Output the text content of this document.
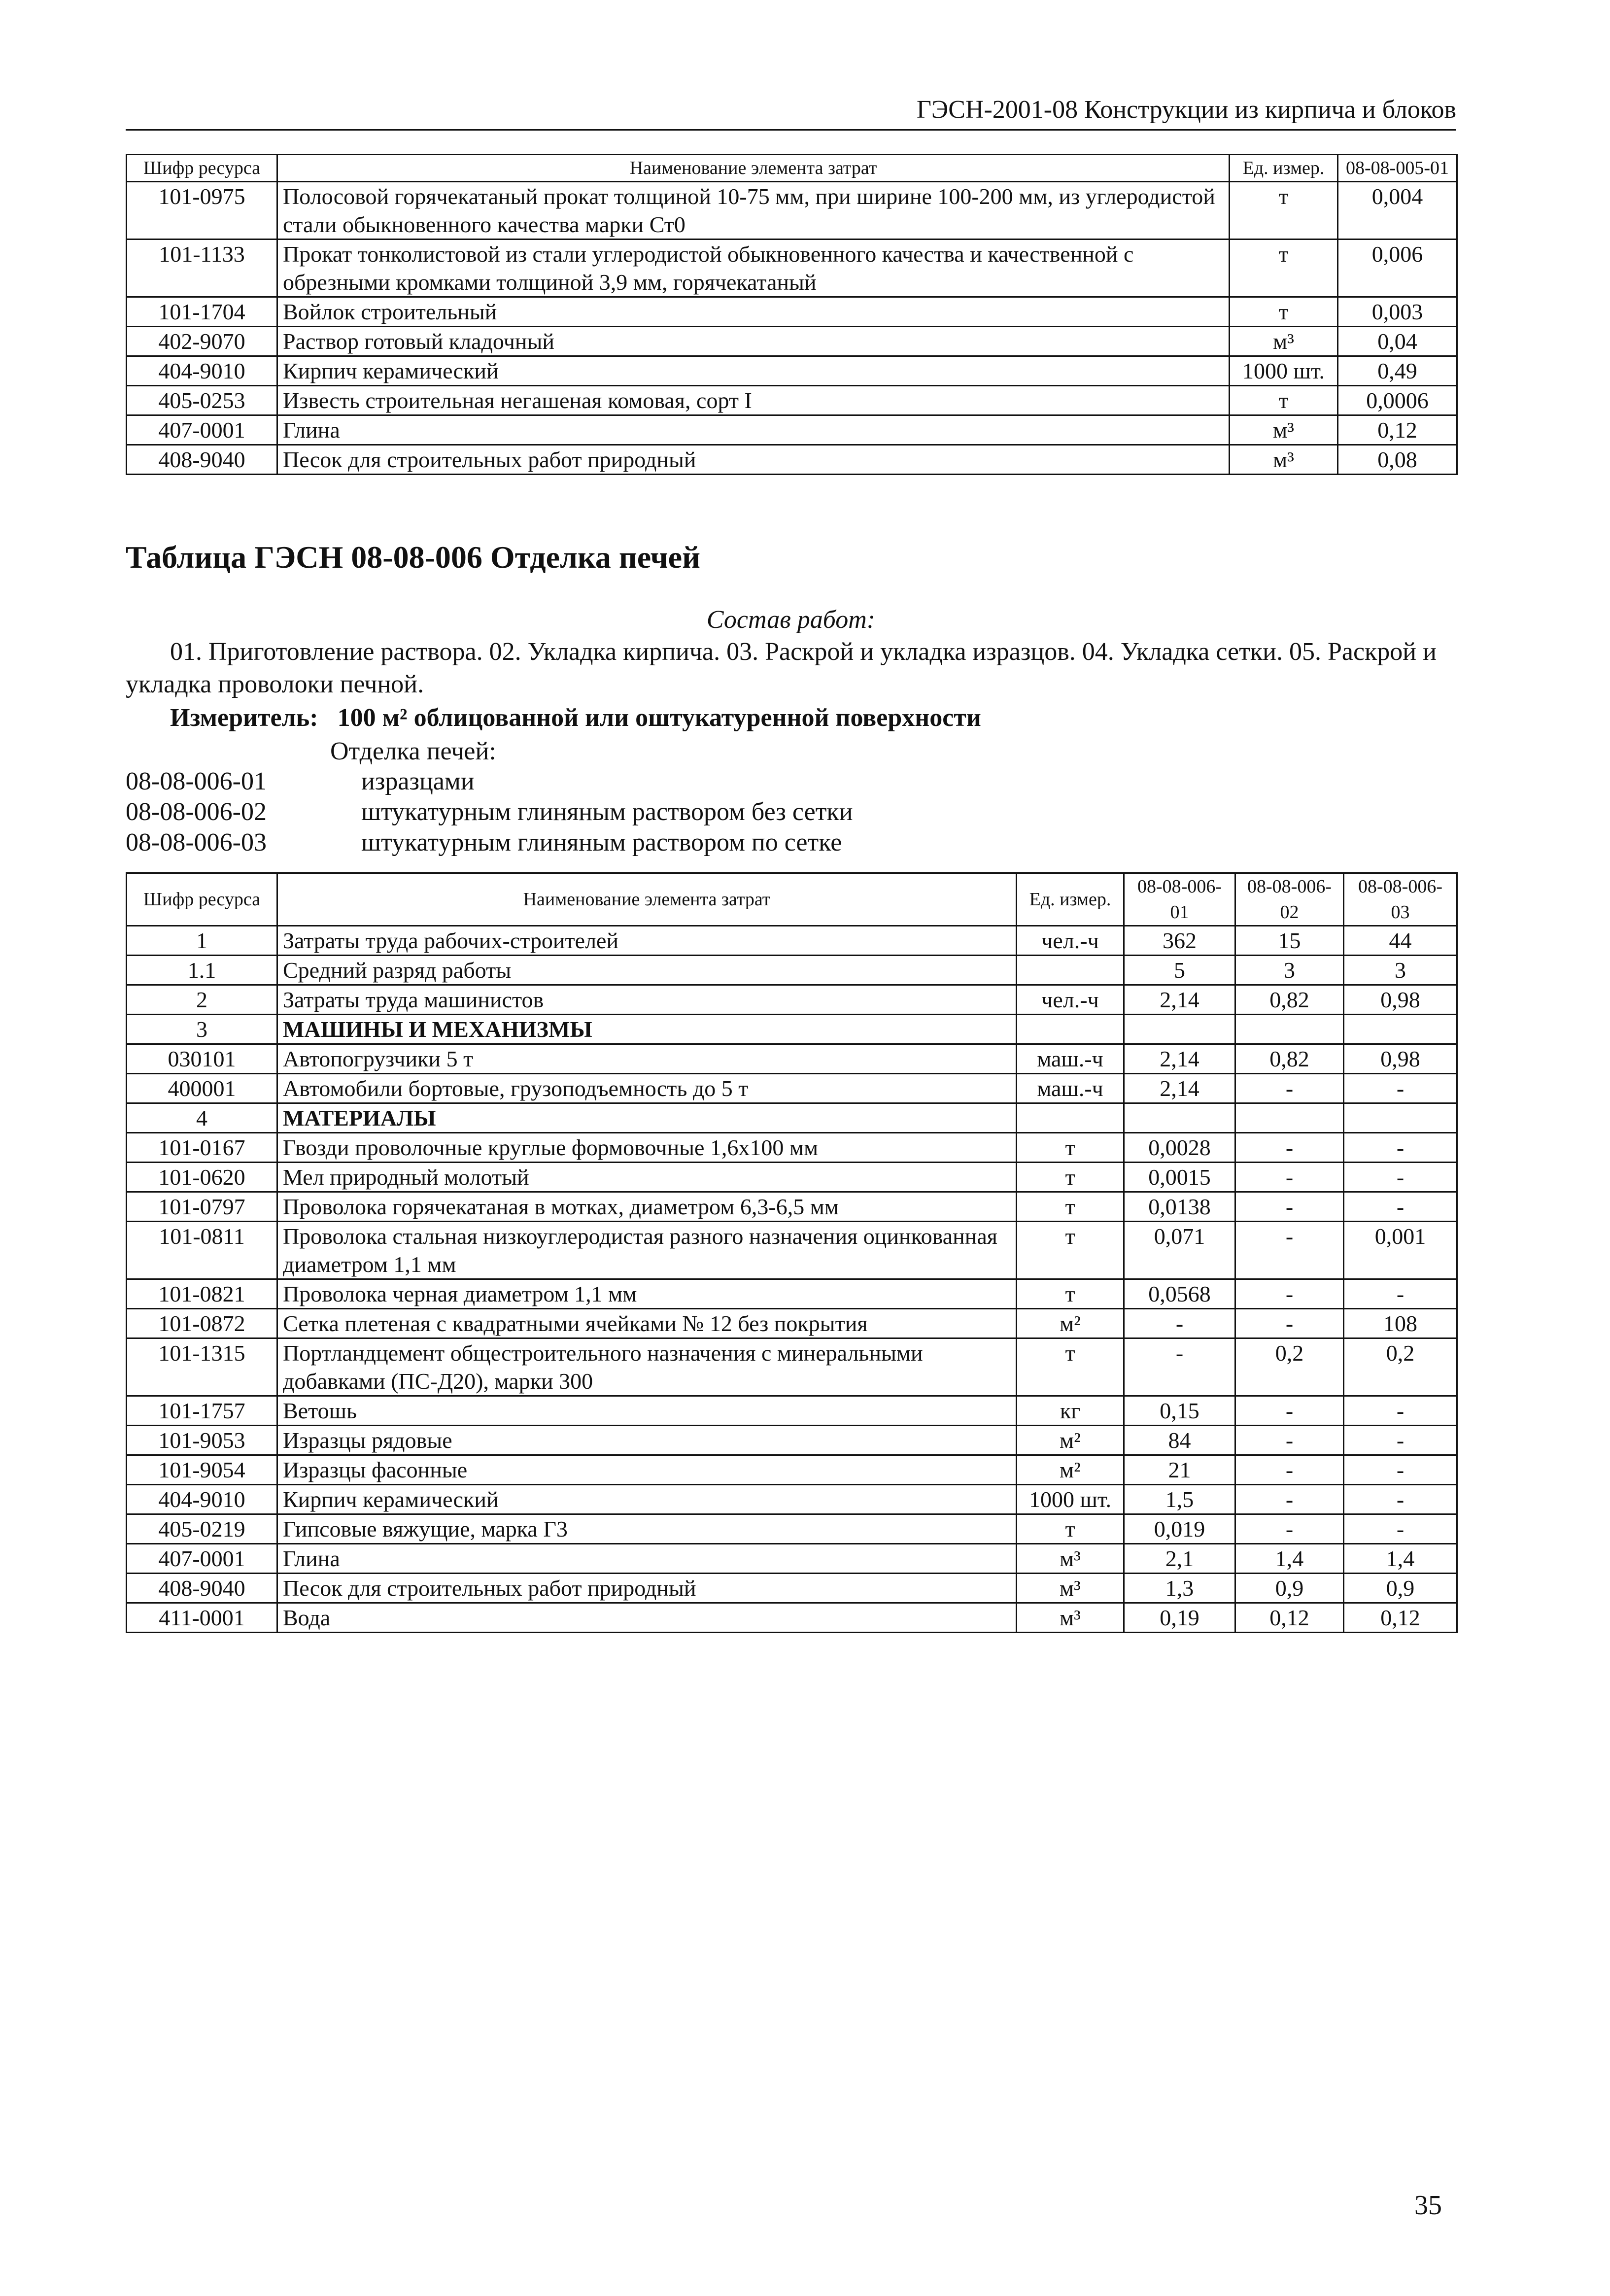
ГЭСН-2001-08 Конструкции из кирпича и блоков
Шифр ресурса	Наименование элемента затрат	Ед. измер.	08-08-005-01
101-0975	Полосовой горячекатаный прокат толщиной 10-75 мм, при ширине 100-200 мм, из углеродистой стали обыкновенного качества марки Ст0	т	0,004
101-1133	Прокат тонколистовой из стали углеродистой обыкновенного качества и качественной с обрезными кромками толщиной 3,9 мм, горячекатаный	т	0,006
101-1704	Войлок строительный	т	0,003
402-9070	Раствор готовый кладочный	м³	0,04
404-9010	Кирпич керамический	1000 шт.	0,49
405-0253	Известь строительная негашеная комовая, сорт I	т	0,0006
407-0001	Глина	м³	0,12
408-9040	Песок для строительных работ природный	м³	0,08
Таблица ГЭСН 08-08-006 Отделка печей
Состав работ:
01. Приготовление раствора. 02. Укладка кирпича. 03. Раскрой и укладка изразцов. 04. Укладка сетки. 05. Раскрой и укладка проволоки печной.
Измеритель: 100 м² облицованной или оштукатуренной поверхности
Отделка печей:
08-08-006-01	изразцами
08-08-006-02	штукатурным глиняным раствором без сетки
08-08-006-03	штукатурным глиняным раствором по сетке
Шифр ресурса	Наименование элемента затрат	Ед. измер.	08-08-006-01	08-08-006-02	08-08-006-03
1	Затраты труда рабочих-строителей	чел.-ч	362	15	44
1.1	Средний разряд работы		5	3	3
2	Затраты труда машинистов	чел.-ч	2,14	0,82	0,98
3	МАШИНЫ И МЕХАНИЗМЫ				
030101	Автопогрузчики 5 т	маш.-ч	2,14	0,82	0,98
400001	Автомобили бортовые, грузоподъемность до 5 т	маш.-ч	2,14	-	-
4	МАТЕРИАЛЫ				
101-0167	Гвозди проволочные круглые формовочные 1,6х100 мм	т	0,0028	-	-
101-0620	Мел природный молотый	т	0,0015	-	-
101-0797	Проволока горячекатаная в мотках, диаметром 6,3-6,5 мм	т	0,0138	-	-
101-0811	Проволока стальная низкоуглеродистая разного назначения оцинкованная диаметром 1,1 мм	т	0,071	-	0,001
101-0821	Проволока черная диаметром 1,1 мм	т	0,0568	-	-
101-0872	Сетка плетеная с квадратными ячейками № 12 без покрытия	м²	-	-	108
101-1315	Портландцемент общестроительного назначения с минеральными добавками (ПС-Д20), марки 300	т	-	0,2	0,2
101-1757	Ветошь	кг	0,15	-	-
101-9053	Изразцы рядовые	м²	84	-	-
101-9054	Изразцы фасонные	м²	21	-	-
404-9010	Кирпич керамический	1000 шт.	1,5	-	-
405-0219	Гипсовые вяжущие, марка Г3	т	0,019	-	-
407-0001	Глина	м³	2,1	1,4	1,4
408-9040	Песок для строительных работ природный	м³	1,3	0,9	0,9
411-0001	Вода	м³	0,19	0,12	0,12
35
